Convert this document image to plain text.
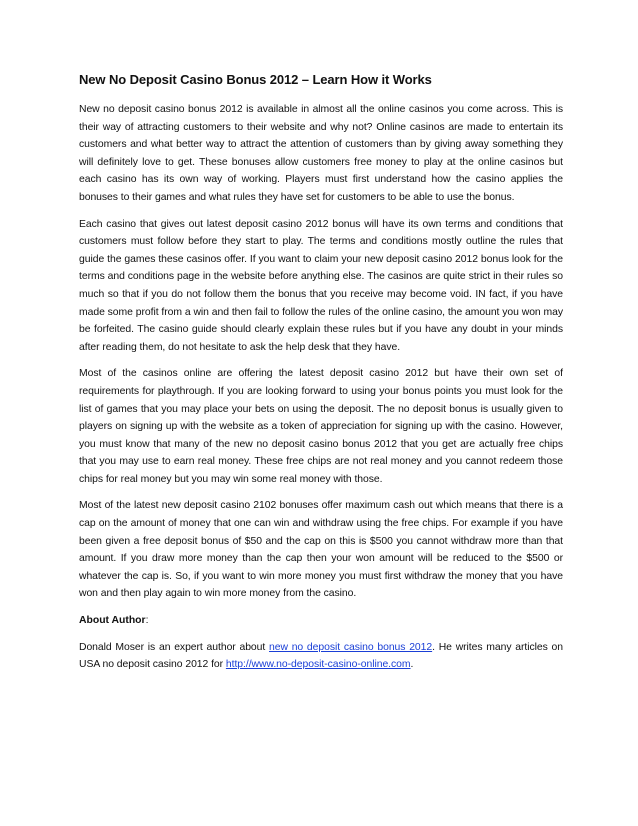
New No Deposit Casino Bonus 2012 – Learn How it Works

New no deposit casino bonus 2012 is available in almost all the online casinos you come across. This is their way of attracting customers to their website and why not? Online casinos are made to entertain its customers and what better way to attract the attention of customers than by giving away something they will definitely love to get. These bonuses allow customers free money to play at the online casinos but each casino has its own way of working. Players must first understand how the casino applies the bonuses to their games and what rules they have set for customers to be able to use the bonus.

Each casino that gives out latest deposit casino 2012 bonus will have its own terms and conditions that customers must follow before they start to play. The terms and conditions mostly outline the rules that guide the games these casinos offer. If you want to claim your new deposit casino 2012 bonus look for the terms and conditions page in the website before anything else. The casinos are quite strict in their rules so much so that if you do not follow them the bonus that you receive may become void. IN fact, if you have made some profit from a win and then fail to follow the rules of the online casino, the amount you won may be forfeited. The casino guide should clearly explain these rules but if you have any doubt in your minds after reading them, do not hesitate to ask the help desk that they have.

Most of the casinos online are offering the latest deposit casino 2012 but have their own set of requirements for playthrough. If you are looking forward to using your bonus points you must look for the list of games that you may place your bets on using the deposit. The no deposit bonus is usually given to players on signing up with the website as a token of appreciation for signing up with the casino. However, you must know that many of the new no deposit casino bonus 2012 that you get are actually free chips that you may use to earn real money. These free chips are not real money and you cannot redeem those chips for real money but you may win some real money with those.

Most of the latest new deposit casino 2102 bonuses offer maximum cash out which means that there is a cap on the amount of money that one can win and withdraw using the free chips. For example if you have been given a free deposit bonus of $50 and the cap on this is $500 you cannot withdraw more than that amount. If you draw more money than the cap then your won amount will be reduced to the $500 or whatever the cap is. So, if you want to win more money you must first withdraw the money that you have won and then play again to win more money from the casino.

About Author:

Donald Moser is an expert author about new no deposit casino bonus 2012. He writes many articles on USA no deposit casino 2012 for http://www.no-deposit-casino-online.com.
